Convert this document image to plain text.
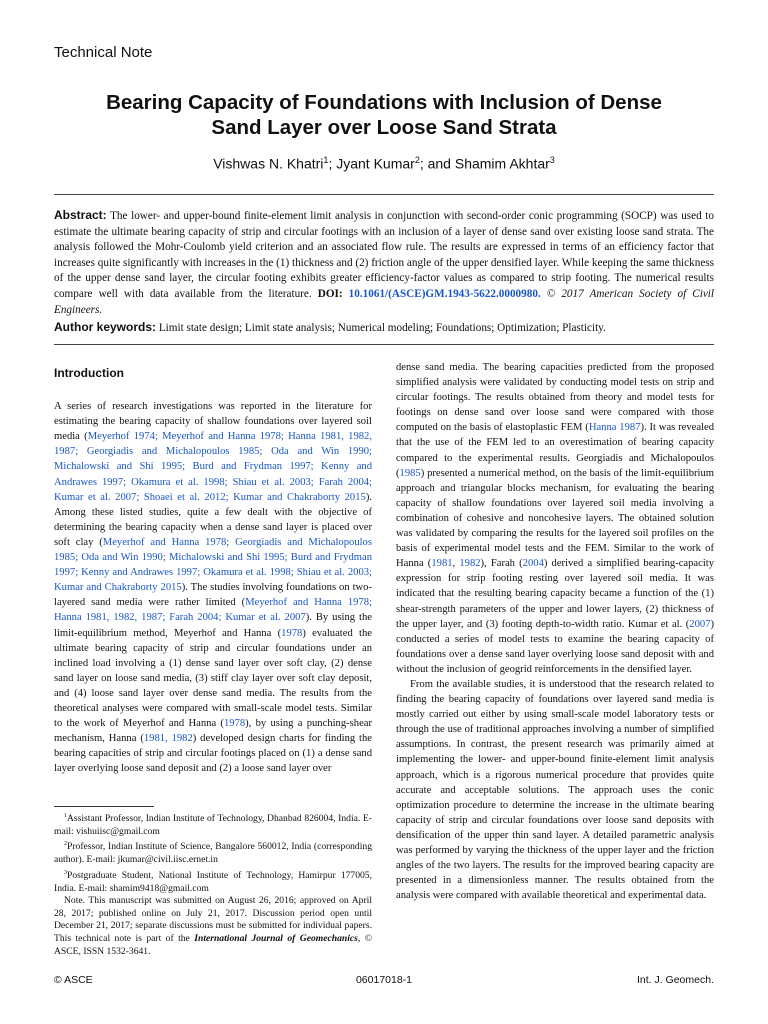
Technical Note
Bearing Capacity of Foundations with Inclusion of Dense
Sand Layer over Loose Sand Strata
Vishwas N. Khatri$^1$; Jyant Kumar$^2$; and Shamim Akhtar$^3$
Abstract: The lower- and upper-bound finite-element limit analysis in conjunction with second-order conic programming (SOCP) was used to estimate the ultimate bearing capacity of strip and circular footings with an inclusion of a layer of dense sand over existing loose sand strata. The analysis followed the Mohr-Coulomb yield criterion and an associated flow rule. The results are expressed in terms of an efficiency factor that increases quite significantly with increases in the (1) thickness and (2) friction angle of the upper densified layer. While keeping the same thickness of the upper dense sand layer, the circular footing exhibits greater efficiency-factor values as compared to strip footing. The numerical results compare well with data available from the literature. DOI: 10.1061/(ASCE)GM.1943-5622.0000980. © 2017 American Society of Civil Engineers.
Author keywords: Limit state design; Limit state analysis; Numerical modeling; Foundations; Optimization; Plasticity.
Introduction

A series of research investigations was reported in the literature for estimating the bearing capacity of shallow foundations over layered soil media (Meyerhof 1974; Meyerhof and Hanna 1978; Hanna 1981, 1982, 1987; Georgiadis and Michalopoulos 1985; Oda and Win 1990; Michalowski and Shi 1995; Burd and Frydman 1997; Kenny and Andrawes 1997; Okamura et al. 1998; Shiau et al. 2003; Farah 2004; Kumar et al. 2007; Shoaei et al. 2012; Kumar and Chakraborty 2015). Among these listed studies, quite a few dealt with the objective of determining the bearing capacity when a dense sand layer is placed over soft clay (Meyerhof and Hanna 1978; Georgiadis and Michalopoulos 1985; Oda and Win 1990; Michalowski and Shi 1995; Burd and Frydman 1997; Kenny and Andrawes 1997; Okamura et al. 1998; Shiau et al. 2003; Kumar and Chakraborty 2015). The studies involving foundations on two-layered sand media were rather limited (Meyerhof and Hanna 1978; Hanna 1981, 1982, 1987; Farah 2004; Kumar et al. 2007). By using the limit-equilibrium method, Meyerhof and Hanna (1978) evaluated the ultimate bearing capacity of strip and circular foundations under an inclined load involving a (1) dense sand layer over soft clay, (2) dense sand layer on loose sand media, (3) stiff clay layer over soft clay deposit, and (4) loose sand layer over dense sand media. The results from the theoretical analyses were compared with small-scale model tests. Similar to the work of Meyerhof and Hanna (1978), by using a punching-shear mechanism, Hanna (1981, 1982) developed design charts for finding the bearing capacities of strip and circular footings placed on (1) a dense sand layer overlying loose sand deposit and (2) a loose sand layer over

dense sand media. The bearing capacities predicted from the proposed simplified analysis were validated by conducting model tests on strip and circular footings. The results obtained from theory and model tests for footings on dense sand over loose sand were compared with those computed on the basis of elastoplastic FEM (Hanna 1987). It was revealed that the use of the FEM led to an overestimation of bearing capacity compared to the experimental results. Georgiadis and Michalopoulos (1985) presented a numerical method, on the basis of the limit-equilibrium approach and triangular blocks mechanism, for evaluating the bearing capacity of shallow foundations over layered soil media involving a combination of cohesive and noncohesive layers. The obtained solution was validated by comparing the results for the layered soil profiles on the basis of experimental model tests and the FEM. Similar to the work of Hanna (1981, 1982), Farah (2004) derived a simplified bearing-capacity expression for strip footing resting over layered soil media. It was indicated that the resulting bearing capacity became a function of the (1) shear-strength parameters of the upper and lower layers, (2) thickness of the upper layer, and (3) footing depth-to-width ratio. Kumar et al. (2007) conducted a series of model tests to examine the bearing capacity of foundations over a dense sand layer overlying loose sand deposit with and without the inclusion of geogrid reinforcements in the densified layer.

From the available studies, it is understood that the research related to finding the bearing capacity of foundations over layered sand media is mostly carried out either by using small-scale model laboratory tests or through the use of traditional approaches involving a number of simplified assumptions. In contrast, the present research was primarily aimed at implementing the lower- and upper-bound finite-element limit analysis approach, which is a rigorous numerical procedure that provides quite accurate and acceptable solutions. The approach uses the conic optimization procedure to determine the increase in the ultimate bearing capacity of strip and circular foundations over loose sand deposits with densification of the upper thin sand layer. A detailed parametric analysis was performed by varying the thickness of the upper layer and the friction angles of the two layers. The results for the improved bearing capacity are presented in a dimensionless manner. The results obtained from the analysis were compared with available theoretical and experimental data.

$^1$Assistant Professor, Indian Institute of Technology, Dhanbad 826004, India. E-mail: vishuiisc@gmail.com

$^2$Professor, Indian Institute of Science, Bangalore 560012, India (corresponding author). E-mail: jkumar@civil.iisc.ernet.in

$^3$Postgraduate Student, National Institute of Technology, Hamirpur 177005, India. E-mail: shamim9418@gmail.com

Note. This manuscript was submitted on August 26, 2016; approved on April 28, 2017; published online on July 21, 2017. Discussion period open until December 21, 2017; separate discussions must be submitted for individual papers. This technical note is part of the International Journal of Geomechanics, © ASCE, ISSN 1532-3641.

© ASCE	06017018-1	Int. J. Geomech.
